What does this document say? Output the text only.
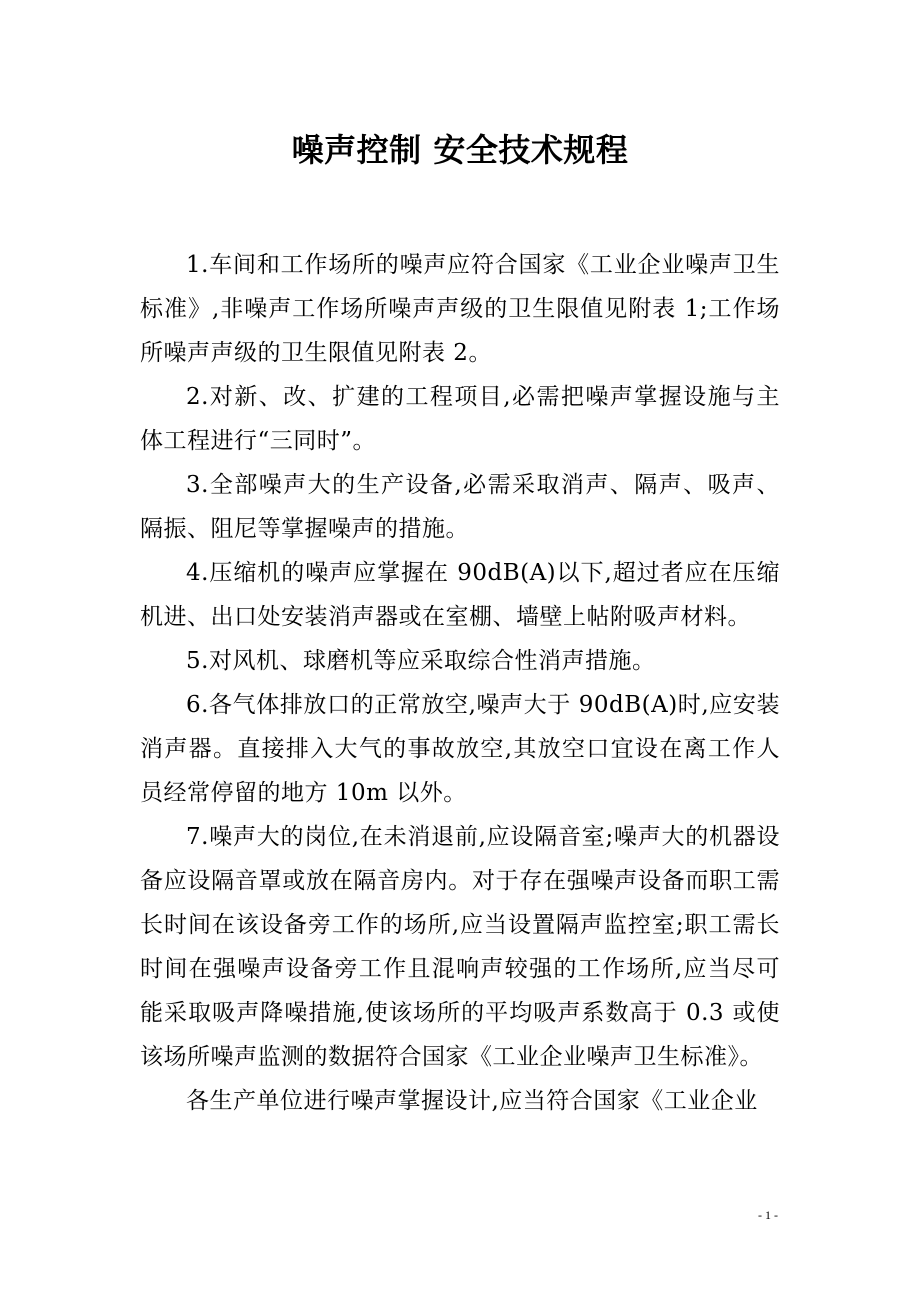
噪声控制 安全技术规程

1.车间和工作场所的噪声应符合国家《工业企业噪声卫生标准》,非噪声工作场所噪声声级的卫生限值见附表 1;工作场所噪声声级的卫生限值见附表 2。

2.对新、改、扩建的工程项目,必需把噪声掌握设施与主体工程进行“三同时”。

3.全部噪声大的生产设备,必需采取消声、隔声、吸声、隔振、阻尼等掌握噪声的措施。

4.压缩机的噪声应掌握在 90dB(A)以下,超过者应在压缩机进、出口处安装消声器或在室棚、墙壁上帖附吸声材料。

5.对风机、球磨机等应采取综合性消声措施。

6.各气体排放口的正常放空,噪声大于 90dB(A)时,应安装消声器。直接排入大气的事故放空,其放空口宜设在离工作人员经常停留的地方 10m 以外。

7.噪声大的岗位,在未消退前,应设隔音室;噪声大的机器设备应设隔音罩或放在隔音房内。对于存在强噪声设备而职工需长时间在该设备旁工作的场所,应当设置隔声监控室;职工需长时间在强噪声设备旁工作且混响声较强的工作场所,应当尽可能采取吸声降噪措施,使该场所的平均吸声系数高于 0.3 或使该场所噪声监测的数据符合国家《工业企业噪声卫生标准》。

各生产单位进行噪声掌握设计,应当符合国家《工业企业

- 1 -
